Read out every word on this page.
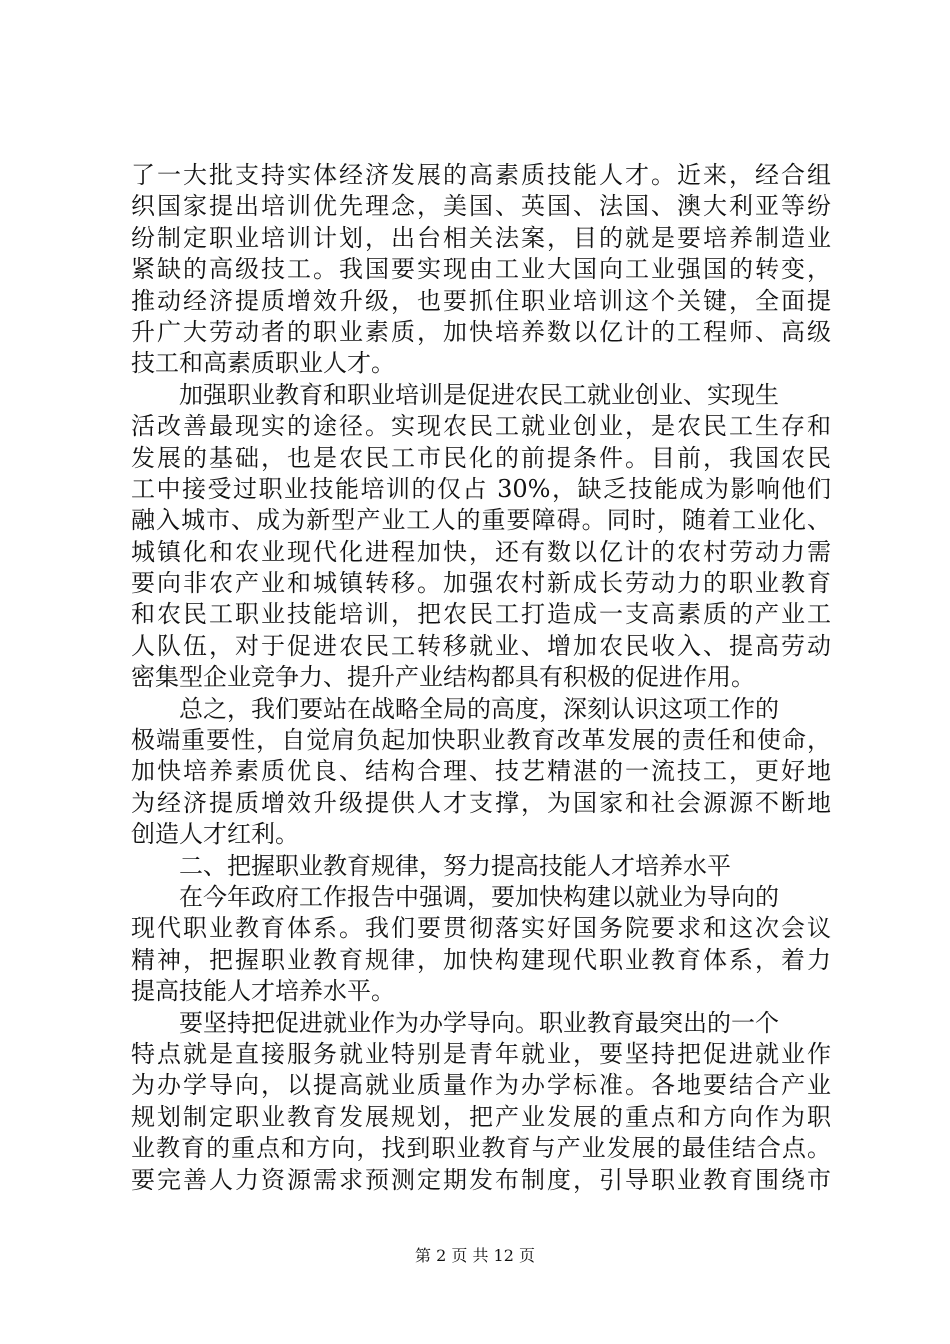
了一大批支持实体经济发展的高素质技能人才。近来，经合组
织国家提出培训优先理念，美国、英国、法国、澳大利亚等纷
纷制定职业培训计划，出台相关法案，目的就是要培养制造业
紧缺的高级技工。我国要实现由工业大国向工业强国的转变，
推动经济提质增效升级，也要抓住职业培训这个关键，全面提
升广大劳动者的职业素质，加快培养数以亿计的工程师、高级
技工和高素质职业人才。
加强职业教育和职业培训是促进农民工就业创业、实现生
活改善最现实的途径。实现农民工就业创业，是农民工生存和
发展的基础，也是农民工市民化的前提条件。目前，我国农民
工中接受过职业技能培训的仅占 30%，缺乏技能成为影响他们
融入城市、成为新型产业工人的重要障碍。同时，随着工业化、
城镇化和农业现代化进程加快，还有数以亿计的农村劳动力需
要向非农产业和城镇转移。加强农村新成长劳动力的职业教育
和农民工职业技能培训，把农民工打造成一支高素质的产业工
人队伍，对于促进农民工转移就业、增加农民收入、提高劳动
密集型企业竞争力、提升产业结构都具有积极的促进作用。
总之，我们要站在战略全局的高度，深刻认识这项工作的
极端重要性，自觉肩负起加快职业教育改革发展的责任和使命，
加快培养素质优良、结构合理、技艺精湛的一流技工，更好地
为经济提质增效升级提供人才支撑，为国家和社会源源不断地
创造人才红利。
二、把握职业教育规律，努力提高技能人才培养水平
在今年政府工作报告中强调，要加快构建以就业为导向的
现代职业教育体系。我们要贯彻落实好国务院要求和这次会议
精神，把握职业教育规律，加快构建现代职业教育体系，着力
提高技能人才培养水平。
要坚持把促进就业作为办学导向。职业教育最突出的一个
特点就是直接服务就业特别是青年就业，要坚持把促进就业作
为办学导向，以提高就业质量作为办学标准。各地要结合产业
规划制定职业教育发展规划，把产业发展的重点和方向作为职
业教育的重点和方向，找到职业教育与产业发展的最佳结合点。
要完善人力资源需求预测定期发布制度，引导职业教育围绕市
第 2 页 共 12 页
